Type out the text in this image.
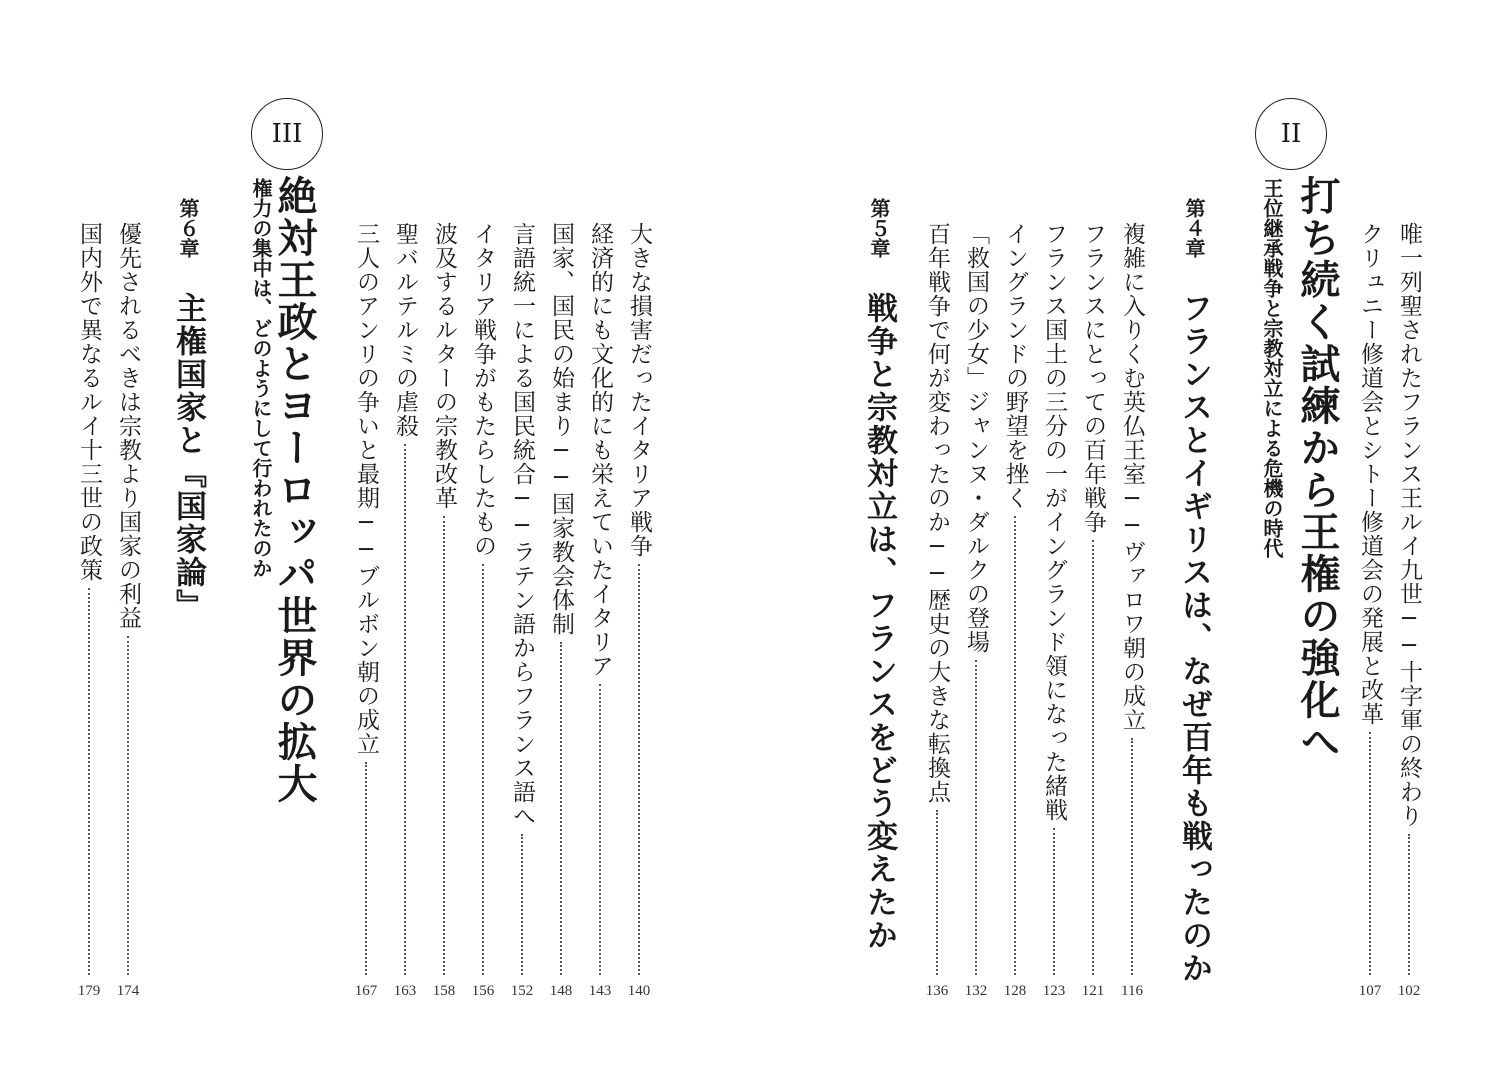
III
絶対王政とヨーロッパ世界の拡大
権力の集中は、どのようにして行われたのか	大きな損害だったイタリア戦争
経済的にも文化的にも栄えていたイタリア
国家、国民の始まり──国家教会体制
言語統一による国民統合──ラテン語からフランス語へ
イタリア戦争がもたらしたもの
波及するルターの宗教改革
聖バルテルミの虐殺
三人のアンリの争いと最期──ブルボン朝の成立
第６章
主権国家と『国家論』
優先されるべきは宗教より国家の利益
国内外で異なるルイ十三世の政策
140
143
148
152
156
158
163
167
174
179
II
打ち続く試練から王権の強化へ
王位継承戦争と宗教対立による危機の時代	唯一列聖されたフランス王ルイ九世──十字軍の終わり
クリュニー修道会とシトー修道会の発展と改革
第４章
フランスとイギリスは、なぜ百年も戦ったのか
複雑に入りくむ英仏王室──ヴァロワ朝の成立
フランスにとっての百年戦争
フランス国土の三分の一がイングランド領になった緒戦
イングランドの野望を挫く
「救国の少女」ジャンヌ・ダルクの登場
百年戦争で何が変わったのか──歴史の大きな転換点
第５章
戦争と宗教対立は、フランスをどう変えたか
102
107
116
121
123
128
132
136
